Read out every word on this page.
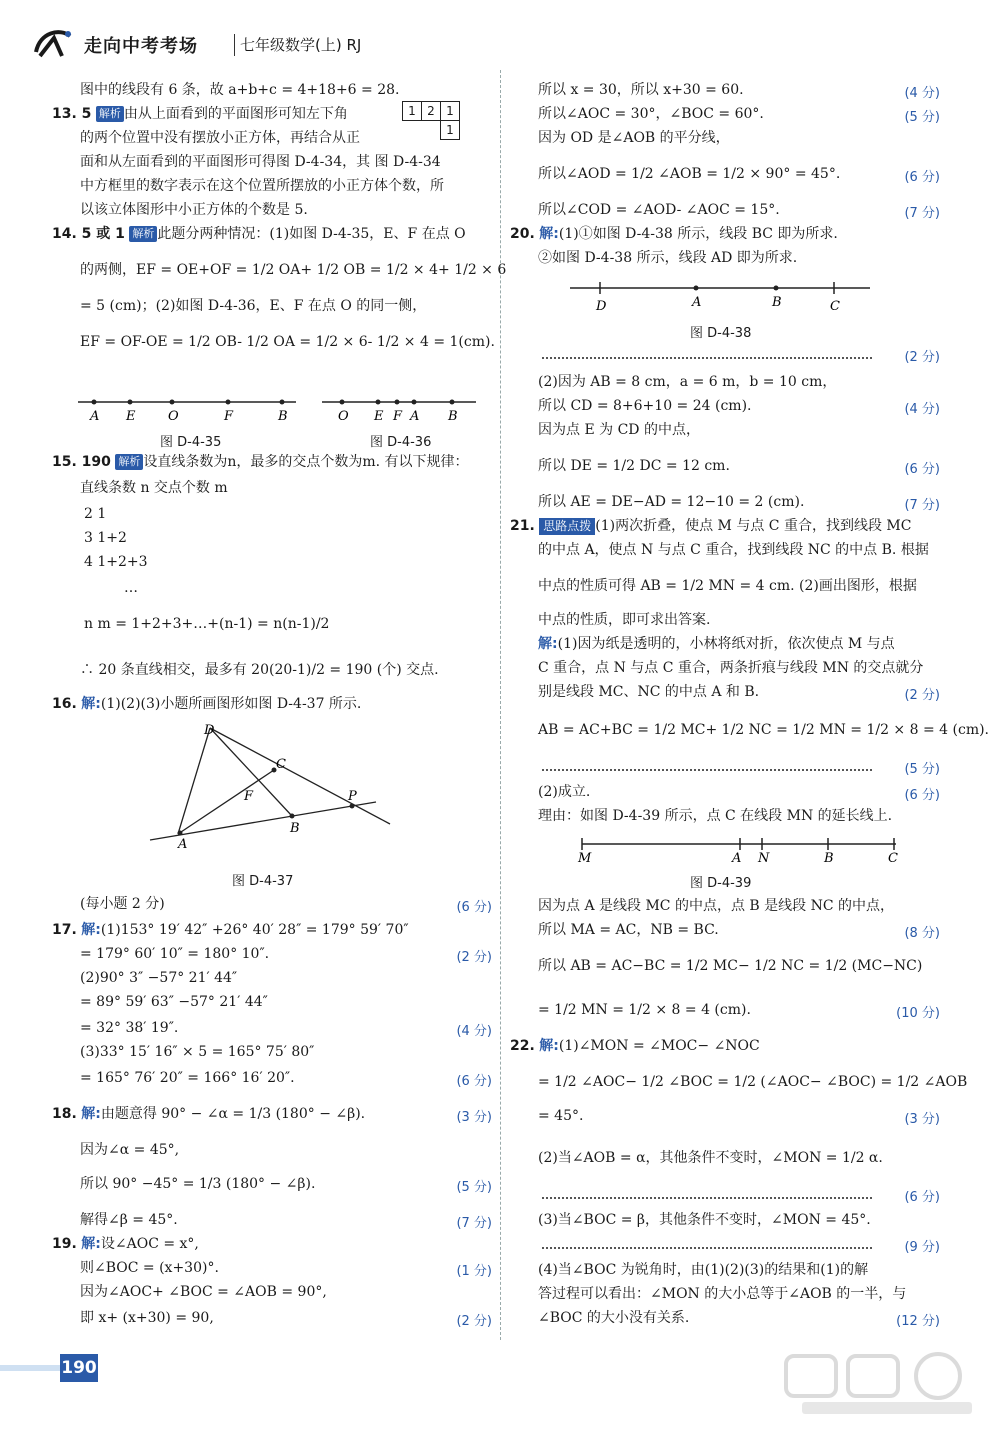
走向中考考场	七年级数学(上) RJ
图中的线段有 6 条，故 a+b+c = 4+18+6 = 28.
13. 5 解析 由从上面看到的平面图形可知左下角
的两个位置中没有摆放小正方体，再结合从正
面和从左面看到的平面图形可得图 D-4-34，其 图 D-4-34
中方框里的数字表示在这个位置所摆放的小正方体个数，所
以该立体图形中小正方体的个数是 5.
14. 5 或 1 解析 此题分两种情况：(1)如图 D-4-35，E、F 在点 O
的两侧，EF = OE+OF = 1/2 OA+ 1/2 OB = 1/2 × 4+ 1/2 × 6
= 5 (cm)；(2)如图 D-4-36，E、F 在点 O 的同一侧，
EF = OF-OE = 1/2 OB- 1/2 OA = 1/2 × 6- 1/2 × 4 = 1(cm).
15. 190 解析 设直线条数为n，最多的交点个数为m. 有以下规律：
直线条数 n 交点个数 m
2 1
3 1+2
4 1+2+3
…
n m = 1+2+3+…+(n-1) = n(n-1)/2
∴ 20 条直线相交，最多有 20(20-1)/2 = 190 (个) 交点.
16. 解:(1)(2)(3)小题所画图形如图 D-4-37 所示.
(每小题 2 分)	(6 分)
17. 解:(1)153° 19′ 42″ +26° 40′ 28″ = 179° 59′ 70″
= 179° 60′ 10″ = 180° 10″.	(2 分)
(2)90° 3″ −57° 21′ 44″
= 89° 59′ 63″ −57° 21′ 44″
= 32° 38′ 19″.	(4 分)
(3)33° 15′ 16″ × 5 = 165° 75′ 80″
= 165° 76′ 20″ = 166° 16′ 20″.	(6 分)
18. 解:由题意得 90° − ∠α = 1/3 (180° − ∠β).	(3 分)
因为∠α = 45°,
所以 90° −45° = 1/3 (180° − ∠β).	(5 分)
解得∠β = 45°.	(7 分)
19. 解:设∠AOC = x°,
则∠BOC = (x+30)°.	(1 分)
因为∠AOC+ ∠BOC = ∠AOB = 90°,
即 x+ (x+30) = 90,	(2 分)
所以 x = 30，所以 x+30 = 60.	(4 分)
所以∠AOC = 30°，∠BOC = 60°.	(5 分)
因为 OD 是∠AOB 的平分线，
所以∠AOD = 1/2 ∠AOB = 1/2 × 90° = 45°.	(6 分)
所以∠COD = ∠AOD- ∠AOC = 15°.	(7 分)
20. 解:(1)①如图 D-4-38 所示，线段 BC 即为所求.
②如图 D-4-38 所示，线段 AD 即为所求.
(2 分)
(2)因为 AB = 8 cm，a = 6 m，b = 10 cm，
所以 CD = 8+6+10 = 24 (cm).	(4 分)
因为点 E 为 CD 的中点，
所以 DE = 1/2 DC = 12 cm.	(6 分)
所以 AE = DE−AD = 12−10 = 2 (cm).	(7 分)
21. 思路点拨 (1)两次折叠，使点 M 与点 C 重合，找到线段 MC
的中点 A，使点 N 与点 C 重合，找到线段 NC 的中点 B. 根据
中点的性质可得 AB = 1/2 MN = 4 cm. (2)画出图形，根据
中点的性质，即可求出答案.
解:(1)因为纸是透明的，小林将纸对折，依次使点 M 与点
C 重合，点 N 与点 C 重合，两条折痕与线段 MN 的交点就分
别是线段 MC、NC 的中点 A 和 B.	(2 分)
AB = AC+BC = 1/2 MC+ 1/2 NC = 1/2 MN = 1/2 × 8 = 4 (cm).
(5 分)
(2)成立.	(6 分)
理由：如图 D-4-39 所示，点 C 在线段 MN 的延长线上.
因为点 A 是线段 MC 的中点，点 B 是线段 NC 的中点，
所以 MA = AC，NB = BC.	(8 分)
所以 AB = AC−BC = 1/2 MC− 1/2 NC = 1/2 (MC−NC)
= 1/2 MN = 1/2 × 8 = 4 (cm).	(10 分)
22. 解:(1)∠MON = ∠MOC− ∠NOC
= 1/2 ∠AOC− 1/2 ∠BOC = 1/2 (∠AOC− ∠BOC) = 1/2 ∠AOB
= 45°.	(3 分)
(2)当∠AOB = α，其他条件不变时，∠MON = 1/2 α.
(6 分)
(3)当∠BOC = β，其他条件不变时，∠MON = 45°.
(9 分)
(4)当∠BOC 为锐角时，由(1)(2)(3)的结果和(1)的解
答过程可以看出：∠MON 的大小总等于∠AOB 的一半，与
∠BOC 的大小没有关系.	(12 分)
1	2	1
		1
A E	O	F	B
图 D-4-35
O E F A B
图 D-4-36
D
C
F	P
B
A
图 D-4-37
D	A	B	C
图 D-4-38
M	A N	B	C
图 D-4-39
190
